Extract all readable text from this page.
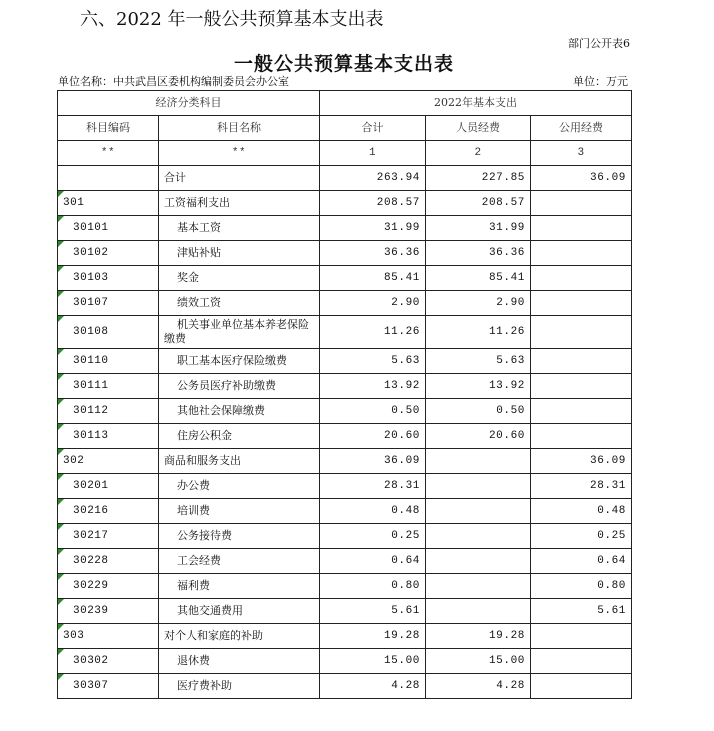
六、2022 年一般公共预算基本支出表
部门公开表6
一般公共预算基本支出表
单位名称：中共武昌区委机构编制委员会办公室	单位：万元
经济分类科目		2022年基本支出		
科目编码	科目名称	合计	人员经费	公用经费
**	**	1	2	3
	合计	263.94	227.85	36.09
301	工资福利支出	208.57	208.57	
30101	基本工资	31.99	31.99	
30102	津贴补贴	36.36	36.36	
30103	奖金	85.41	85.41	
30107	绩效工资	2.90	2.90	
30108	机关事业单位基本养老保险缴费	11.26	11.26	
30110	职工基本医疗保险缴费	5.63	5.63	
30111	公务员医疗补助缴费	13.92	13.92	
30112	其他社会保障缴费	0.50	0.50	
30113	住房公积金	20.60	20.60	
302	商品和服务支出	36.09		36.09
30201	办公费	28.31		28.31
30216	培训费	0.48		0.48
30217	公务接待费	0.25		0.25
30228	工会经费	0.64		0.64
30229	福利费	0.80		0.80
30239	其他交通费用	5.61		5.61
303	对个人和家庭的补助	19.28	19.28	
30302	退休费	15.00	15.00	
30307	医疗费补助	4.28	4.28	
